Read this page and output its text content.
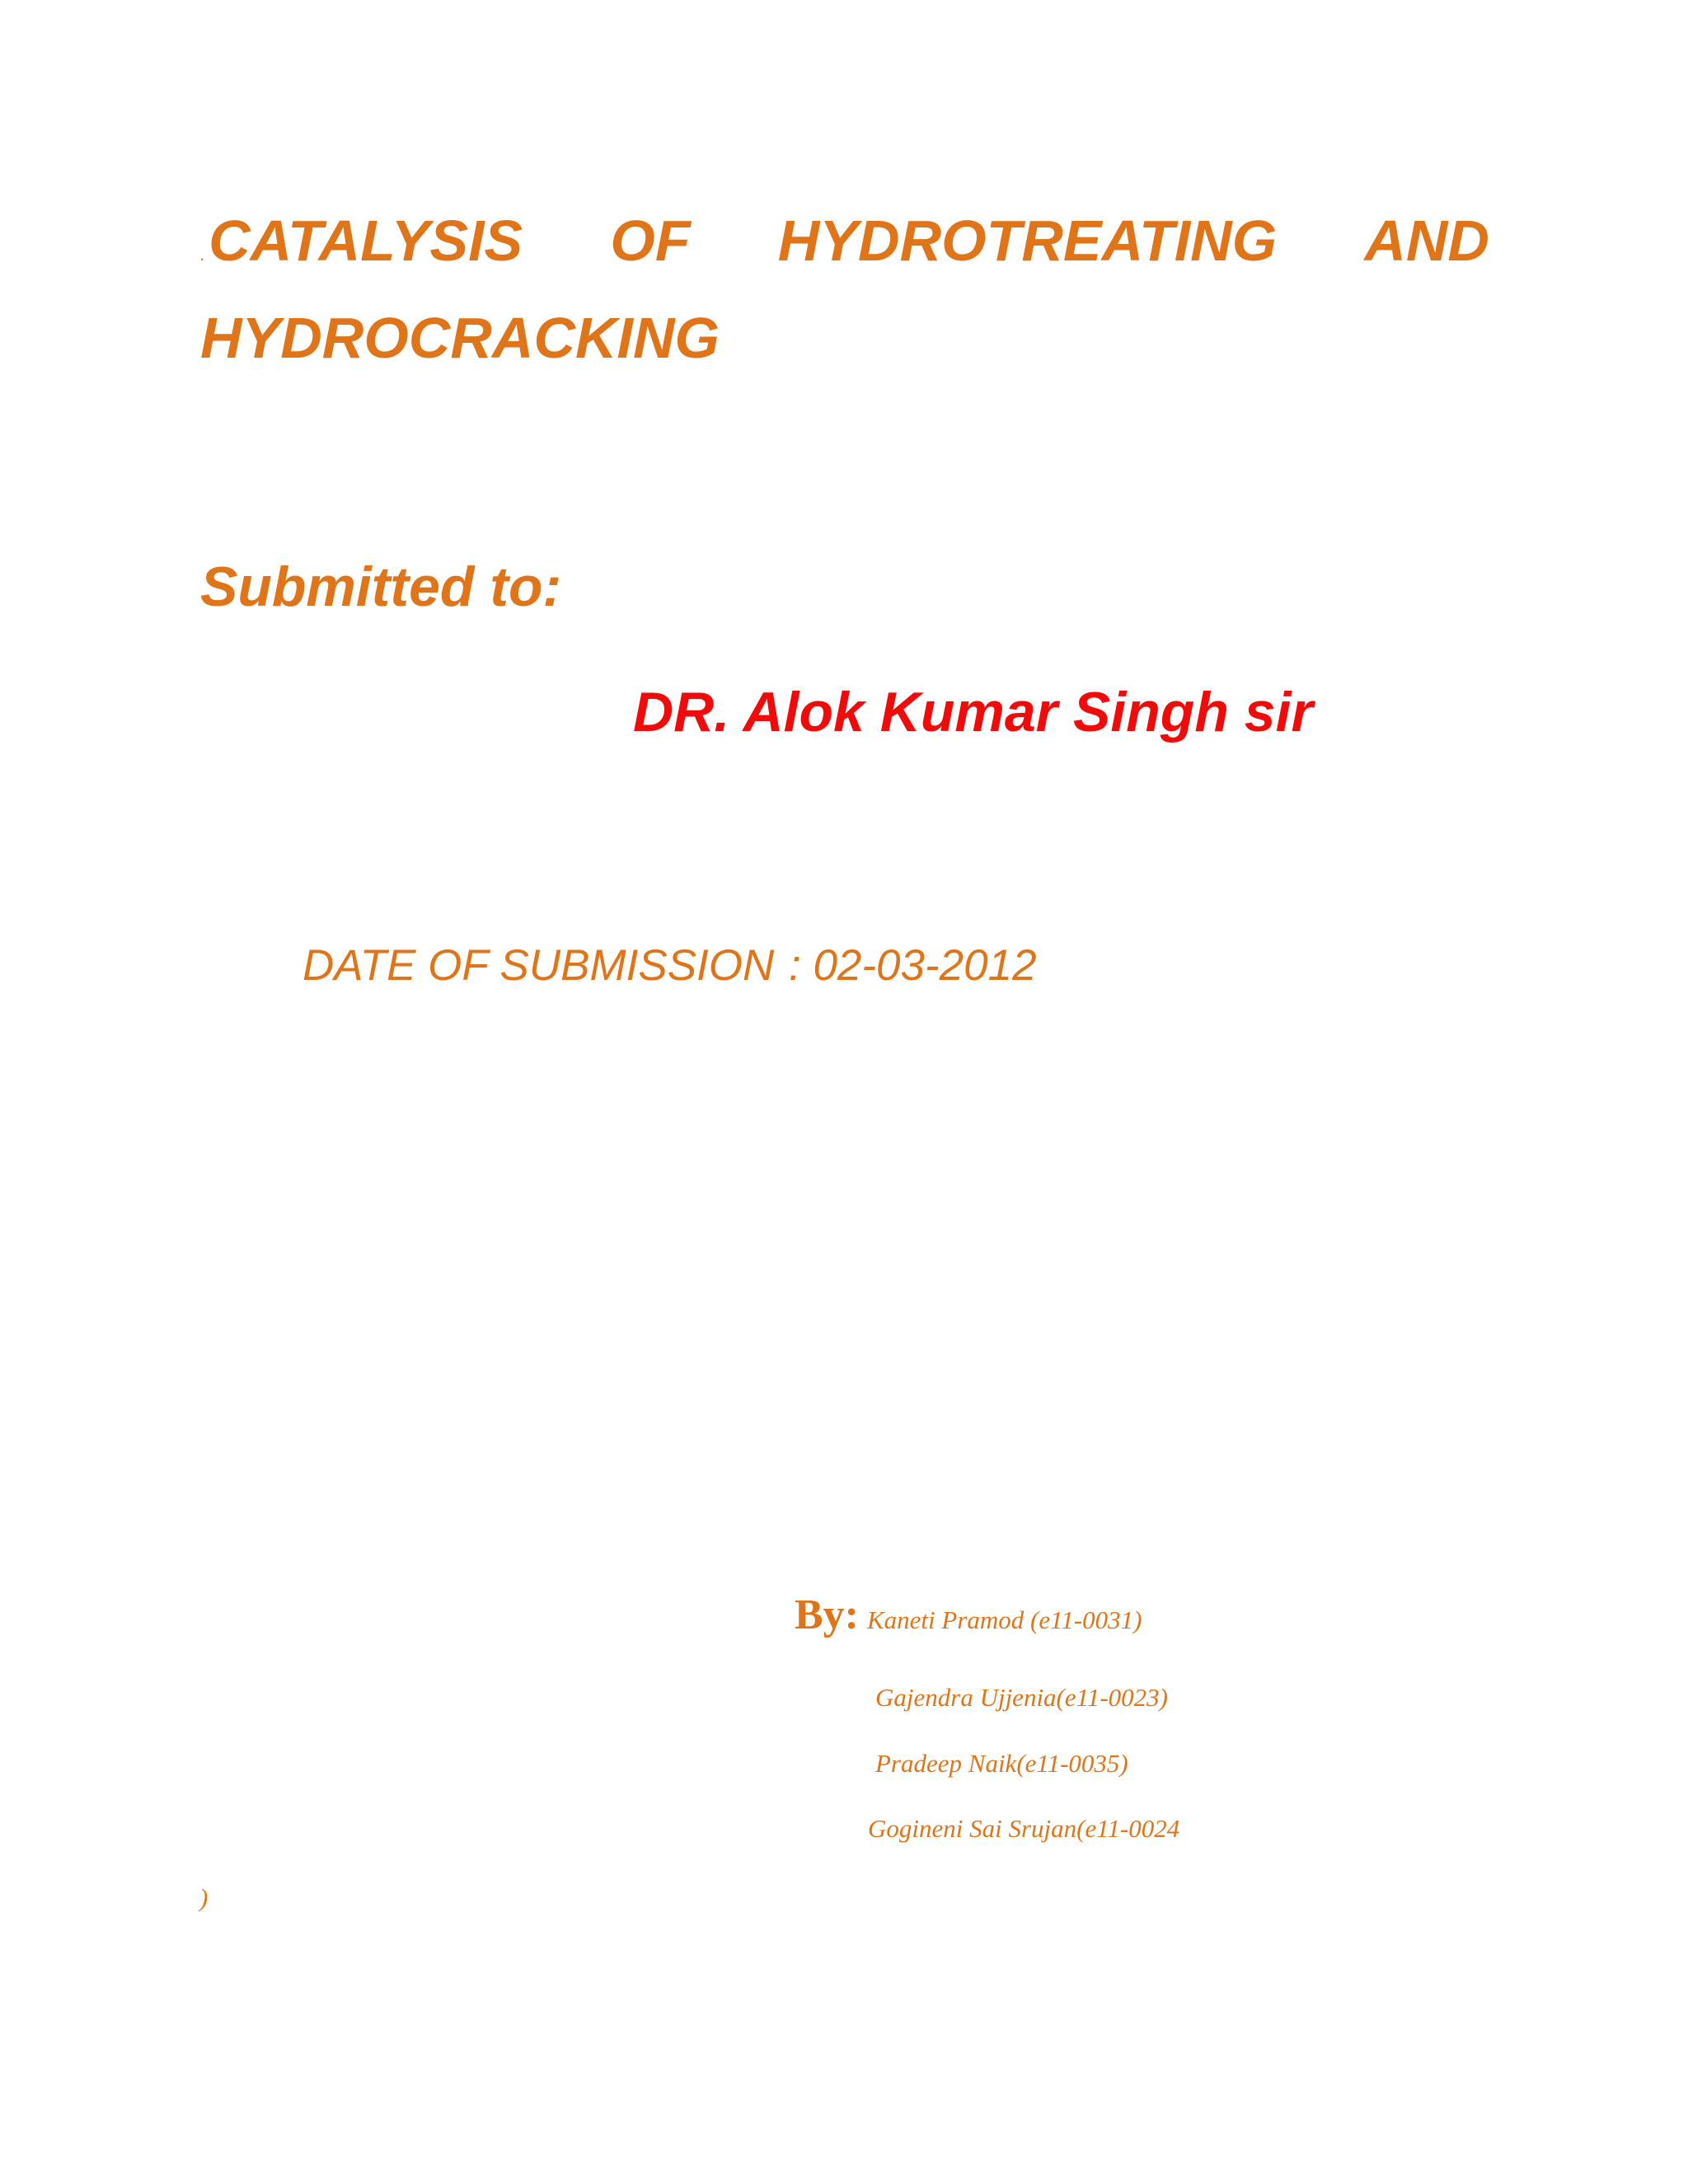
.CATALYSIS OF HYDROTREATING AND
HYDROCRACKING
Submitted to:
DR. Alok Kumar Singh sir
DATE OF SUBMISSION : 02-03-2012
By: Kaneti Pramod (e11-0031)
Gajendra Ujjenia(e11-0023)
Pradeep Naik(e11-0035)
Gogineni Sai Srujan(e11-0024
)
